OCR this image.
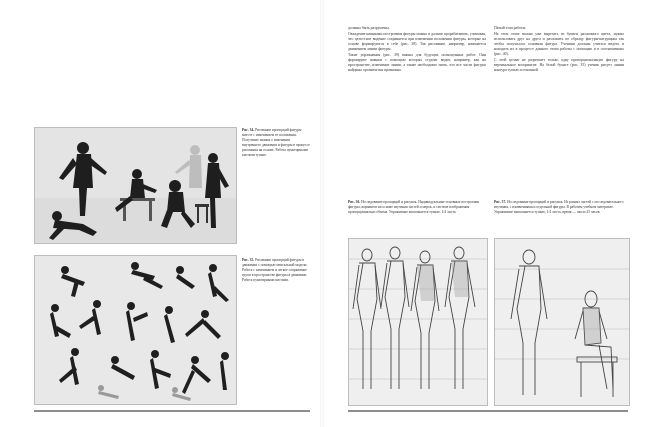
Рис. 34. Рисование пропорций фигуры вместе с изменением ее положения. Получение знания о изменении внутреннего движения и фигуры в процессе рисования на основе. Работа пунктирными кистями тушью.
Рис. 35. Рисование пропорций фигуры в движении с помощью ментальной модели. Работа с изменением и легкое сопряжение групп в пространстве фигуры в движении. Работа пунктирными кистями.

должны быть разрушены.

Овладение навыками построения фигуры можно и дальше прорабатывать, учитывая, что целостное видение сохраняется при изменении положения фигуры, которые на основе формируются в себе (рис. 38). Так рисование, например, начинается движением линии фигуры.

Такие упражнения (рис. 39) важны для будущих полноценных работ. Они формируют навыки с помощью которых студент видит, например, как на пространстве, изменение линии, а также необходимо знать, что все части фигуры найдены органически правильно.

Пятый этап работы:

На этом этапе можно уже вырезать из бумаги различного цвета, нужно использовать друг на друга и разложить по образцу фигуры-натурщика так чтобы получилась основная фигура. Ученики должны учиться видеть и находить их в процессе данного этапа работы с помощью и в соотношениях (рис. 40).

С этой целью не разрешает только одну пропорциональную фигуру на вертикальное восприятие. На белой бумаге (рис. 35) ученик рисует линии контура тушью и основной

Рис. 36. Исследование пропорций и рисунок. Индивидуальные основные построения фигуры, вариантов на основе изучения частей и мерок, и системе изображения пропорционально объема. Упражнение выполняется тушью, 1/4 листа.
Рис. 37. Исследование пропорций и рисунок. Из разных частей с последовательного изучения, с изменениями и отдельной фигуры. В рабочем учебном материале. Упражнение выполняется тушью, 1/4 листа, время — около 25 часов.
